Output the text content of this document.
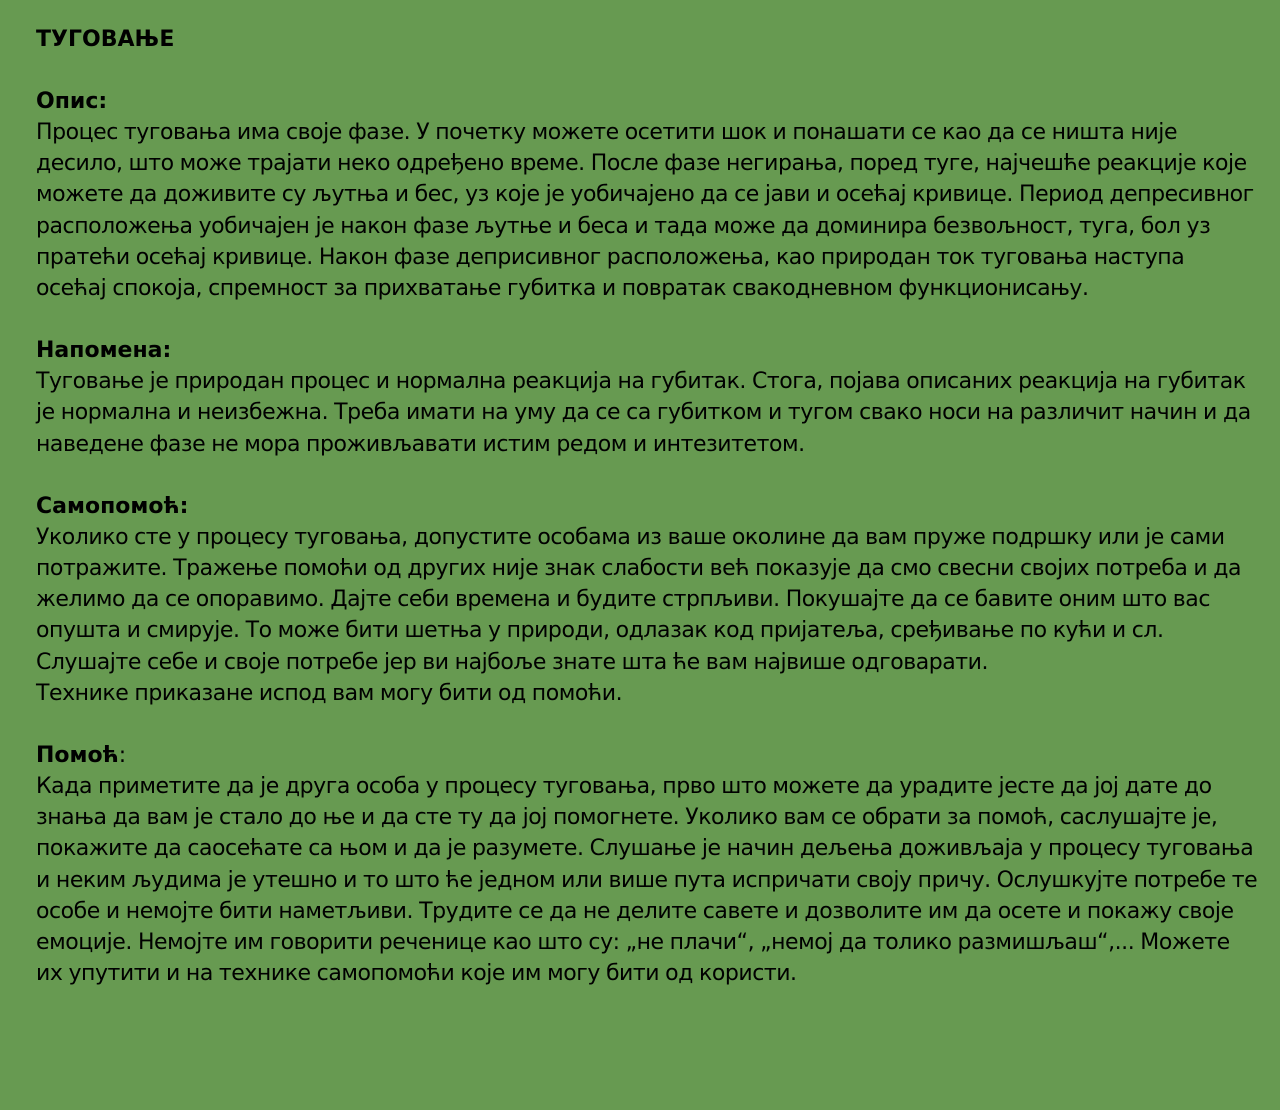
ТУГОВАЊЕ
Опис:

Процес туговања има своје фазе. У почетку можете осетити шок и понашати се као да се ништа није десило, што може трајати неко одређено време. После фазе негирања, поред туге, најчешће реакције које можете да доживите су љутња и бес, уз које је уобичајено да се јави и осећај кривице. Период депресивног расположења уобичајен је након фазе љутње и беса и тада може да доминира безвољност, туга, бол уз пратећи осећај кривице. Након фазе деприсивног расположења, као природан ток туговања наступа осећај спокоја, спремност за прихватање губитка и повратак свакодневном функционисању.

Напомена:

Туговање је природан процес и нормална реакција на губитак. Стога, појава описаних реакција на губитак је нормална и неизбежна. Треба имати на уму да се са губитком и тугом свако носи на различит начин и да наведене фазе не мора проживљавати истим редом и интезитетом.

Самопомоћ:

Уколико сте у процесу туговања, допустите особама из ваше околине да вам пруже подршку или је сами потражите. Тражење помоћи од других није знак слабости већ показује да смо свесни својих потреба и да желимо да се опоравимо. Дајте себи времена и будите стрпљиви. Покушајте да се бавите оним што вас опушта и смирује. То може бити шетња у природи, одлазак код пријатеља, сређивање по кући и сл. Слушајте себе и своје потребе јер ви најбоље знате шта ће вам највише одговарати.

Технике приказане испод вам могу бити од помоћи.

Помоћ:

Када приметите да је друга особа у процесу туговања, прво што можете да урадите јесте да јој дате до знања да вам је стало до ње и да сте ту да јој помогнете. Уколико вам се обрати за помоћ, саслушајте је, покажите да саосећате са њом и да је разумете. Слушање је начин дељења доживљаја у процесу туговања и неким људима је утешно и то што ће једном или више пута испричати своју причу. Ослушкујте потребе те особе и немојте бити наметљиви. Трудите се да не делите савете и дозволите им да осете и покажу своје емоције. Немојте им говорити реченице као што су: „не плачи“, „немој да толико размишљаш“,... Можете их упутити и на технике самопомоћи које им могу бити од користи.
